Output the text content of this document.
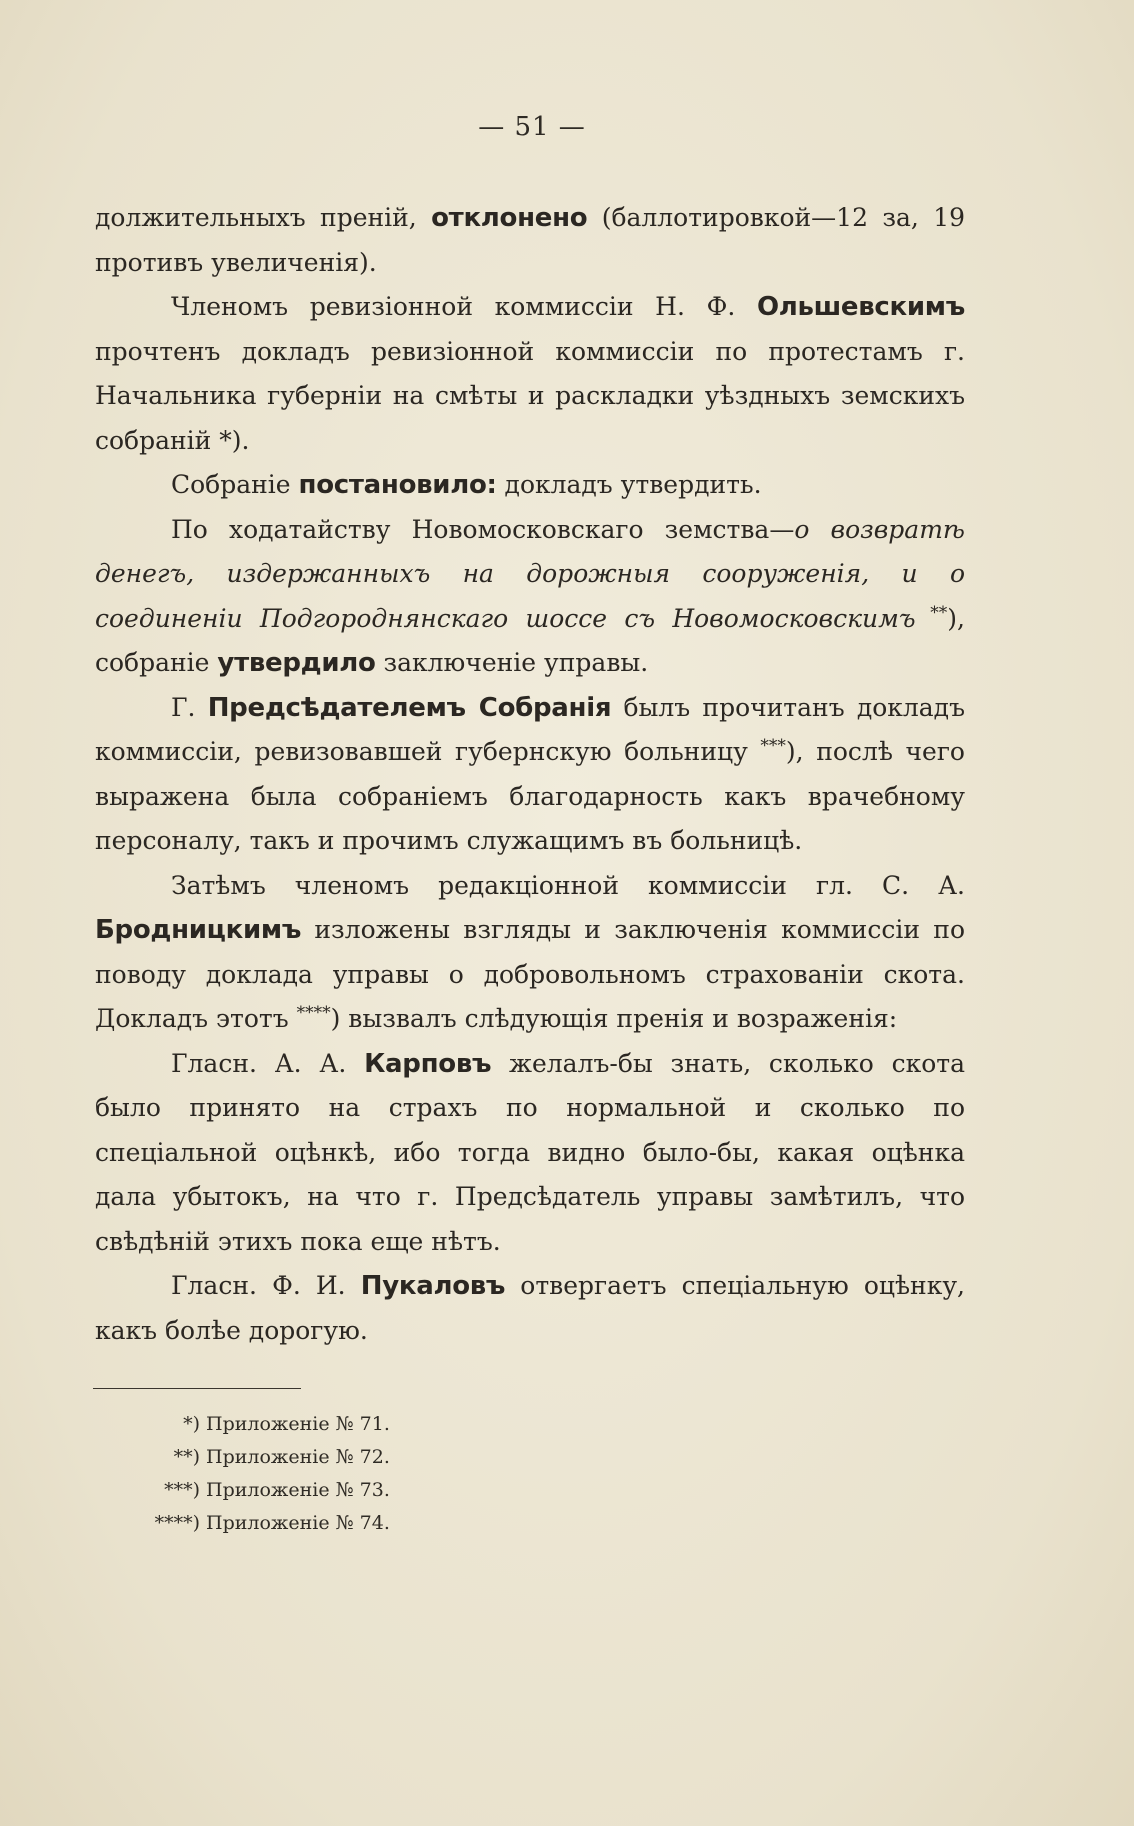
— 51 —

должительныхъ преній, отклонено (баллотировкой—12 за, 19 противъ увеличенія).

Членомъ ревизіонной коммиссіи Н. Ф. Ольшевскимъ прочтенъ докладъ ревизіонной коммиссіи по протестамъ г. Начальника губерніи на смѣты и раскладки уѣздныхъ земскихъ собраній *).

Собраніе постановило: докладъ утвердить.

По ходатайству Новомосковскаго земства—о возвратѣ денегъ, издержанныхъ на дорожныя сооруженія, и о соединеніи Подгороднянскаго шоссе съ Новомосковскимъ **), собраніе утвердило заключеніе управы.

Г. Предсѣдателемъ Собранія былъ прочитанъ докладъ коммиссіи, ревизовавшей губернскую больницу ***), послѣ чего выражена была собраніемъ благодарность какъ врачебному персоналу, такъ и прочимъ служащимъ въ больницѣ.

Затѣмъ членомъ редакціонной коммиссіи гл. С. А. Бродницкимъ изложены взгляды и заключенія коммиссіи по поводу доклада управы о добровольномъ страхованіи скота. Докладъ этотъ ****) вызвалъ слѣдующія пренія и возраженія:

Гласн. А. А. Карповъ желалъ-бы знать, сколько скота было принято на страхъ по нормальной и сколько по спеціальной оцѣнкѣ, ибо тогда видно было-бы, какая оцѣнка дала убытокъ, на что г. Предсѣдатель управы замѣтилъ, что свѣдѣній этихъ пока еще нѣтъ.

Гласн. Ф. И. Пукаловъ отвергаетъ спеціальную оцѣнку, какъ болѣе дорогую.

*) Приложеніе № 71.
**) Приложеніе № 72.
***) Приложеніе № 73.
****) Приложеніе № 74.
